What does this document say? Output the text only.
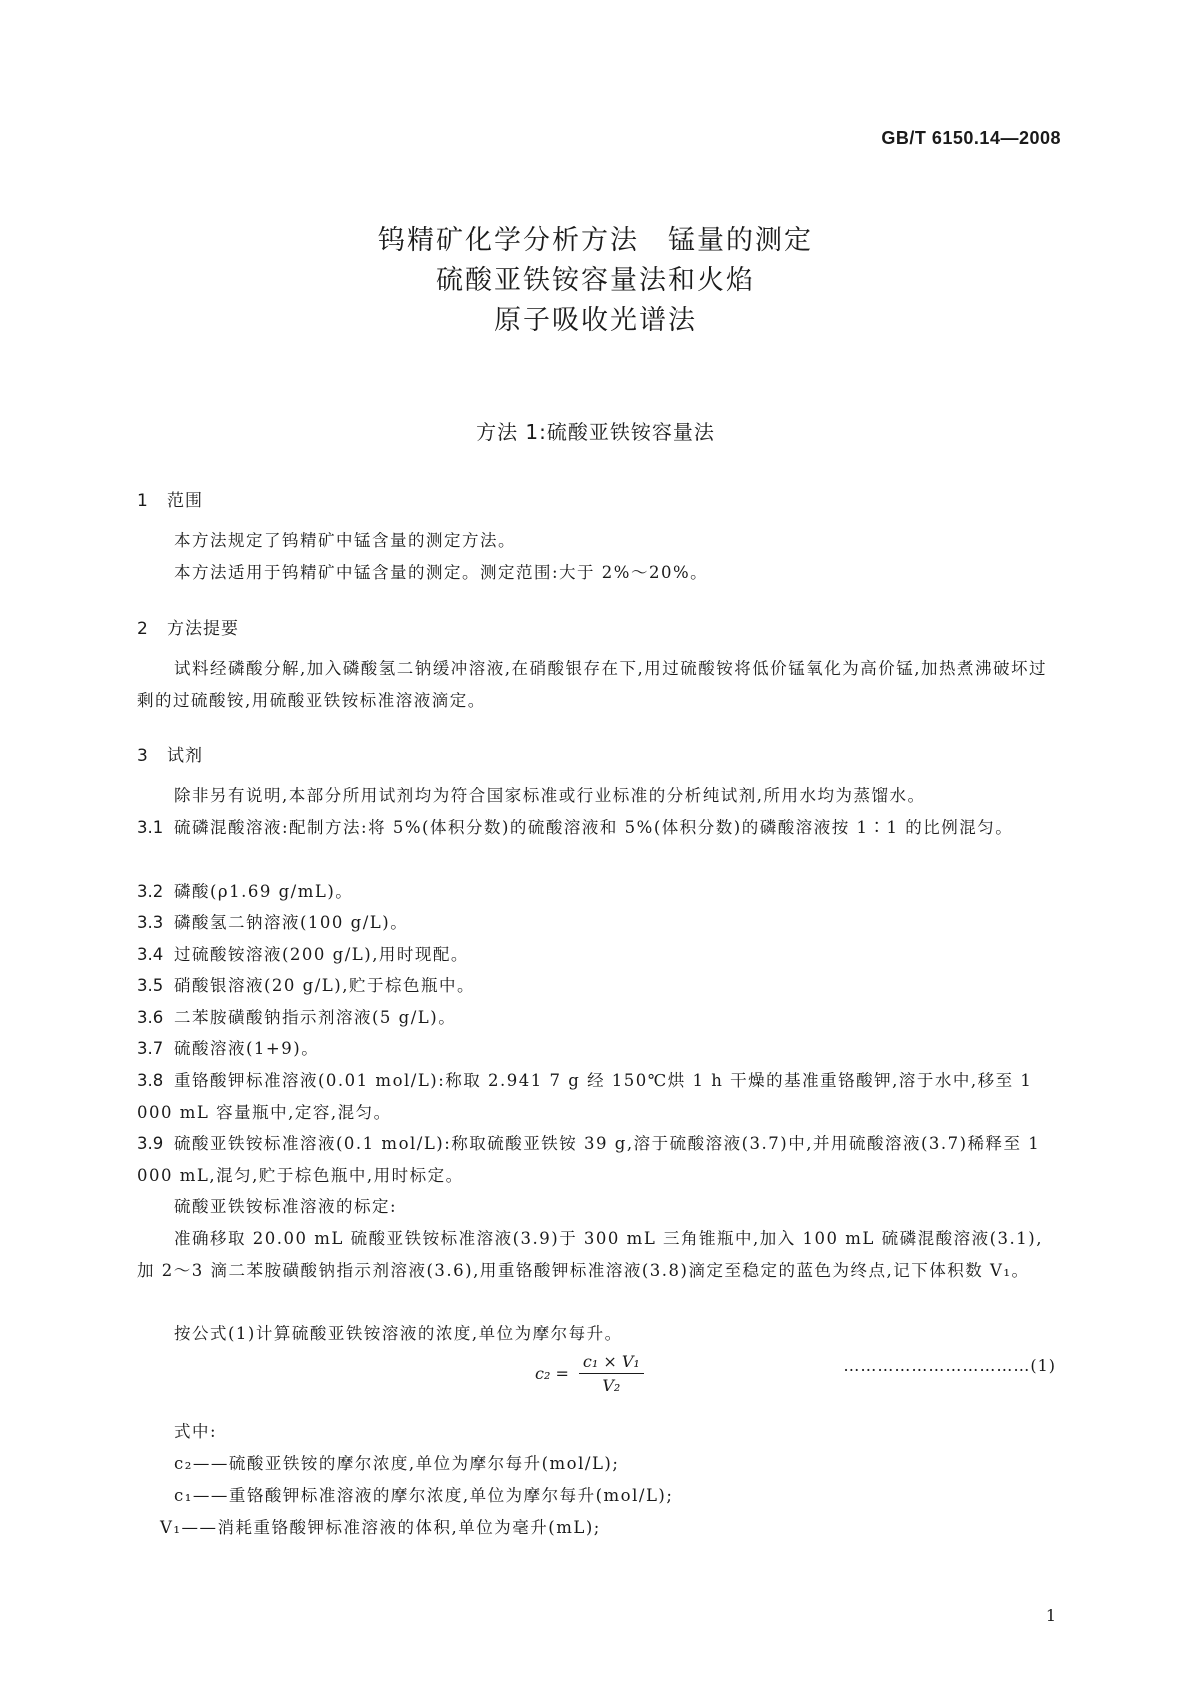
GB/T 6150.14—2008
钨精矿化学分析方法　锰量的测定
硫酸亚铁铵容量法和火焰
原子吸收光谱法
方法 1:硫酸亚铁铵容量法
1 范围
本方法规定了钨精矿中锰含量的测定方法。
本方法适用于钨精矿中锰含量的测定。测定范围:大于 2%～20%。
2 方法提要
试料经磷酸分解,加入磷酸氢二钠缓冲溶液,在硝酸银存在下,用过硫酸铵将低价锰氧化为高价锰,加热煮沸破坏过剩的过硫酸铵,用硫酸亚铁铵标准溶液滴定。
3 试剂
除非另有说明,本部分所用试剂均为符合国家标准或行业标准的分析纯试剂,所用水均为蒸馏水。
3.1 硫磷混酸溶液:配制方法:将 5%(体积分数)的硫酸溶液和 5%(体积分数)的磷酸溶液按 1∶1 的比例混匀。
3.2 磷酸(ρ1.69 g/mL)。
3.3 磷酸氢二钠溶液(100 g/L)。
3.4 过硫酸铵溶液(200 g/L),用时现配。
3.5 硝酸银溶液(20 g/L),贮于棕色瓶中。
3.6 二苯胺磺酸钠指示剂溶液(5 g/L)。
3.7 硫酸溶液(1+9)。
3.8 重铬酸钾标准溶液(0.01 mol/L):称取 2.941 7 g 经 150℃烘 1 h 干燥的基准重铬酸钾,溶于水中,移至 1 000 mL 容量瓶中,定容,混匀。
3.9 硫酸亚铁铵标准溶液(0.1 mol/L):称取硫酸亚铁铵 39 g,溶于硫酸溶液(3.7)中,并用硫酸溶液(3.7)稀释至 1 000 mL,混匀,贮于棕色瓶中,用时标定。
硫酸亚铁铵标准溶液的标定:
准确移取 20.00 mL 硫酸亚铁铵标准溶液(3.9)于 300 mL 三角锥瓶中,加入 100 mL 硫磷混酸溶液(3.1),加 2～3 滴二苯胺磺酸钠指示剂溶液(3.6),用重铬酸钾标准溶液(3.8)滴定至稳定的蓝色为终点,记下体积数 V₁。
按公式(1)计算硫酸亚铁铵溶液的浓度,单位为摩尔每升。
$c_2 = \frac{\text{c₁ × V₁}}{\text{V₂}}$	……………………………(1)
式中:
c₂——硫酸亚铁铵的摩尔浓度,单位为摩尔每升(mol/L);
c₁——重铬酸钾标准溶液的摩尔浓度,单位为摩尔每升(mol/L);
V₁——消耗重铬酸钾标准溶液的体积,单位为毫升(mL);
1
